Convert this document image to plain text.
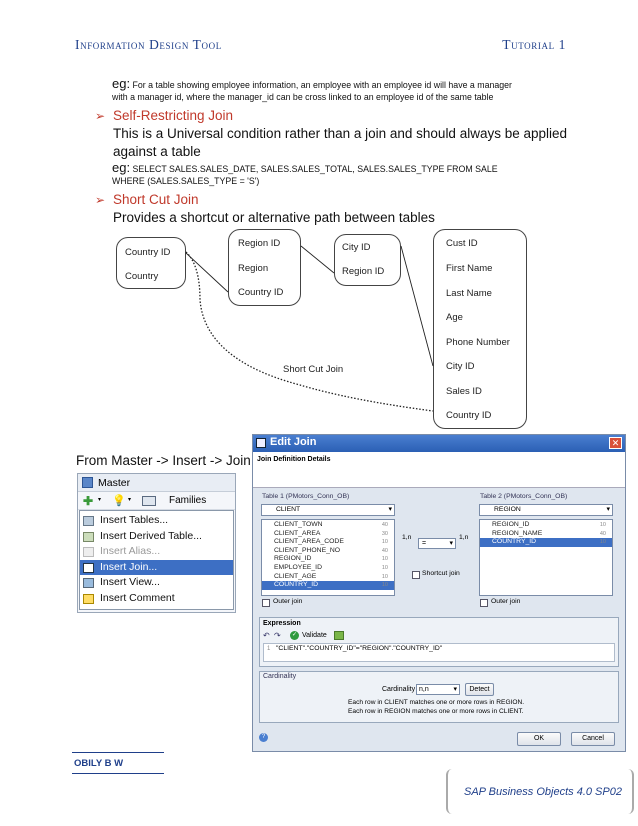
Information Design Tool	Tutorial 1
eg: For a table showing employee information, an employee with an employee id will have a manager
with a manager id, where the manager_id can be cross linked to an employee id of the same table
➢ Self-Restricting Join
This is a Universal condition rather than a join and should always be applied
against a table
eg: SELECT SALES.SALES_DATE, SALES.SALES_TOTAL, SALES.SALES_TYPE FROM SALE
WHERE (SALES.SALES_TYPE = 'S')
➢ Short Cut Join
Provides a shortcut or alternative path between tables
Country ID
Country
Region ID
Region
Country ID
City ID
Region ID
Cust ID
First Name
Last Name
Age
Phone Number
City ID
Sales ID
Country ID
Short Cut Join
From Master -> Insert -> Join
Master
✚ ▾ 💡 ▾	Families
Insert Tables...
Insert Derived Table...
Insert Alias...
Insert Join...
Insert View...
Insert Comment
Edit Join	✕
Join Definition Details
Table 1 (PMotors_Conn_OB)
CLIENT	▾
CLIENT_TOWN	40
CLIENT_AREA	30
CLIENT_AREA_CODE	10
CLIENT_PHONE_NO	40
REGION_ID	10
EMPLOYEE_ID	10
CLIENT_AGE	10
COUNTRY_ID	10
Outer join
1,n	1,n
=	▾
Shortcut join
Table 2 (PMotors_Conn_OB)
REGION	▾
REGION_ID	10
REGION_NAME	40
COUNTRY_ID	10
Outer join
Expression
↶ ↷	✓ Validate
1 "CLIENT"."COUNTRY_ID"="REGION"."COUNTRY_ID"
Cardinality
Cardinality n,n	▾	Detect
Each row in CLIENT matches one or more rows in REGION.
Each row in REGION matches one or more rows in CLIENT.
?	OK	Cancel
OBILY B W
SAP Business Objects 4.0 SP02
